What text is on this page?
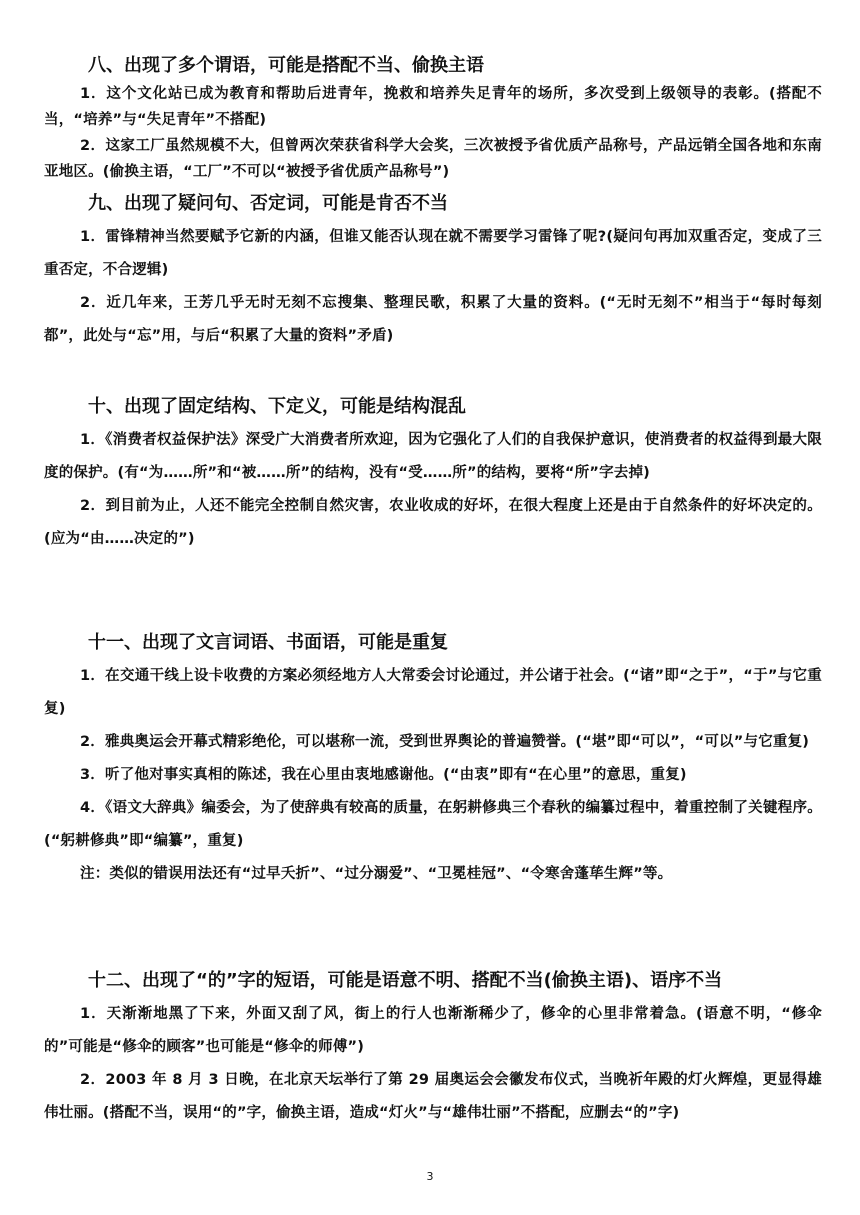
八、出现了多个谓语，可能是搭配不当、偷换主语

1．这个文化站已成为教育和帮助后进青年，挽救和培养失足青年的场所，多次受到上级领导的表彰。(搭配不当，“培养”与“失足青年”不搭配)

2．这家工厂虽然规模不大，但曾两次荣获省科学大会奖，三次被授予省优质产品称号，产品远销全国各地和东南亚地区。(偷换主语，“工厂”不可以“被授予省优质产品称号”)

九、出现了疑问句、否定词，可能是肯否不当

1．雷锋精神当然要赋予它新的内涵，但谁又能否认现在就不需要学习雷锋了呢?(疑问句再加双重否定，变成了三重否定，不合逻辑)

2．近几年来，王芳几乎无时无刻不忘搜集、整理民歌，积累了大量的资料。(“无时无刻不”相当于“每时每刻都”，此处与“忘”用，与后“积累了大量的资料”矛盾)

十、出现了固定结构、下定义，可能是结构混乱

1．《消费者权益保护法》深受广大消费者所欢迎，因为它强化了人们的自我保护意识，使消费者的权益得到最大限度的保护。(有“为……所”和“被……所”的结构，没有“受……所”的结构，要将“所”字去掉)

2．到目前为止，人还不能完全控制自然灾害，农业收成的好坏，在很大程度上还是由于自然条件的好坏决定的。(应为“由……决定的”)

十一、出现了文言词语、书面语，可能是重复

1．在交通干线上设卡收费的方案必须经地方人大常委会讨论通过，并公诸于社会。(“诸”即“之于”，“于”与它重复)

2．雅典奥运会开幕式精彩绝伦，可以堪称一流，受到世界舆论的普遍赞誉。(“堪”即“可以”，“可以”与它重复)

3．听了他对事实真相的陈述，我在心里由衷地感谢他。(“由衷”即有“在心里”的意思，重复)

4．《语文大辞典》编委会，为了使辞典有较高的质量，在躬耕修典三个春秋的编纂过程中，着重控制了关键程序。(“躬耕修典”即“编纂”，重复)

注：类似的错误用法还有“过早夭折”、“过分溺爱”、“卫冕桂冠”、“令寒舍蓬荜生辉”等。

十二、出现了“的”字的短语，可能是语意不明、搭配不当(偷换主语)、语序不当

1．天渐渐地黑了下来，外面又刮了风，街上的行人也渐渐稀少了，修伞的心里非常着急。(语意不明，“修伞的”可能是“修伞的顾客”也可能是“修伞的师傅”)

2．2003 年 8 月 3 日晚，在北京天坛举行了第 29 届奥运会会徽发布仪式，当晚祈年殿的灯火辉煌，更显得雄伟壮丽。(搭配不当，误用“的”字，偷换主语，造成“灯火”与“雄伟壮丽”不搭配，应删去“的”字)

3
